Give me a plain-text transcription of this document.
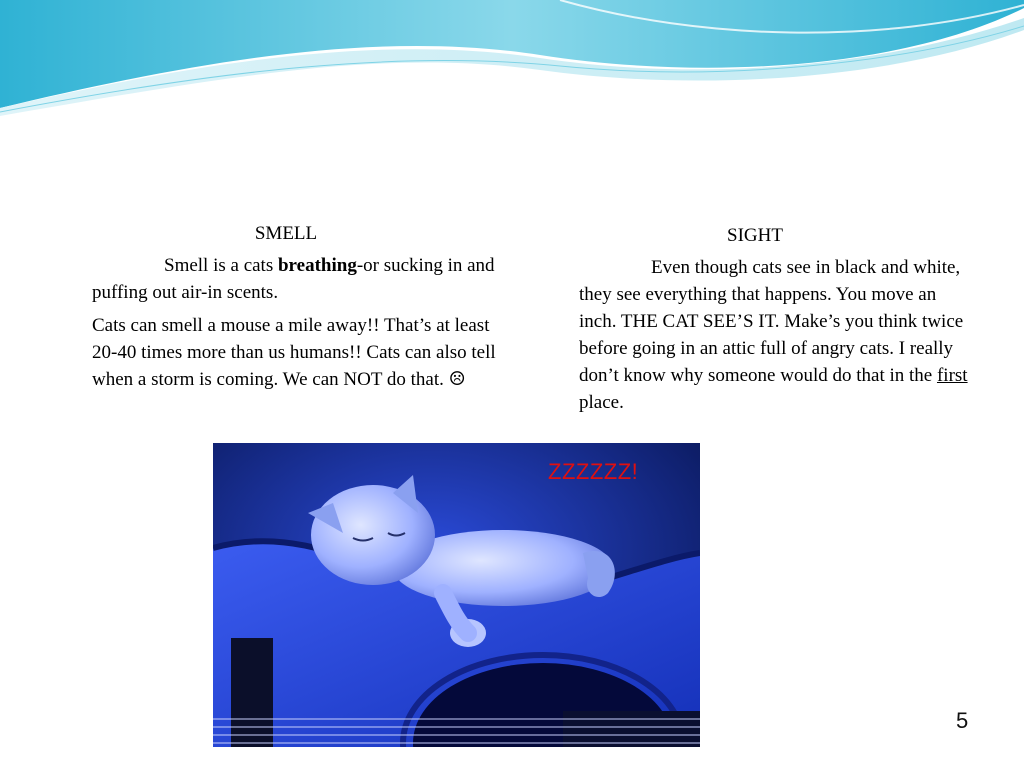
SMELL

Smell is a cats breathing-or sucking in and puffing out air-in scents.

Cats can smell a mouse a mile away!! That’s at least 20-40 times more than us humans!! Cats can also tell when a storm is coming. We can NOT do that. ☹

SIGHT

Even though cats see in black and white, they see everything that happens. You move an inch. THE CAT SEE’S IT. Make’s you think twice before going in an attic full of angry cats. I really don’t know why someone would do that in the first place.

ZZZZZZ!
5
